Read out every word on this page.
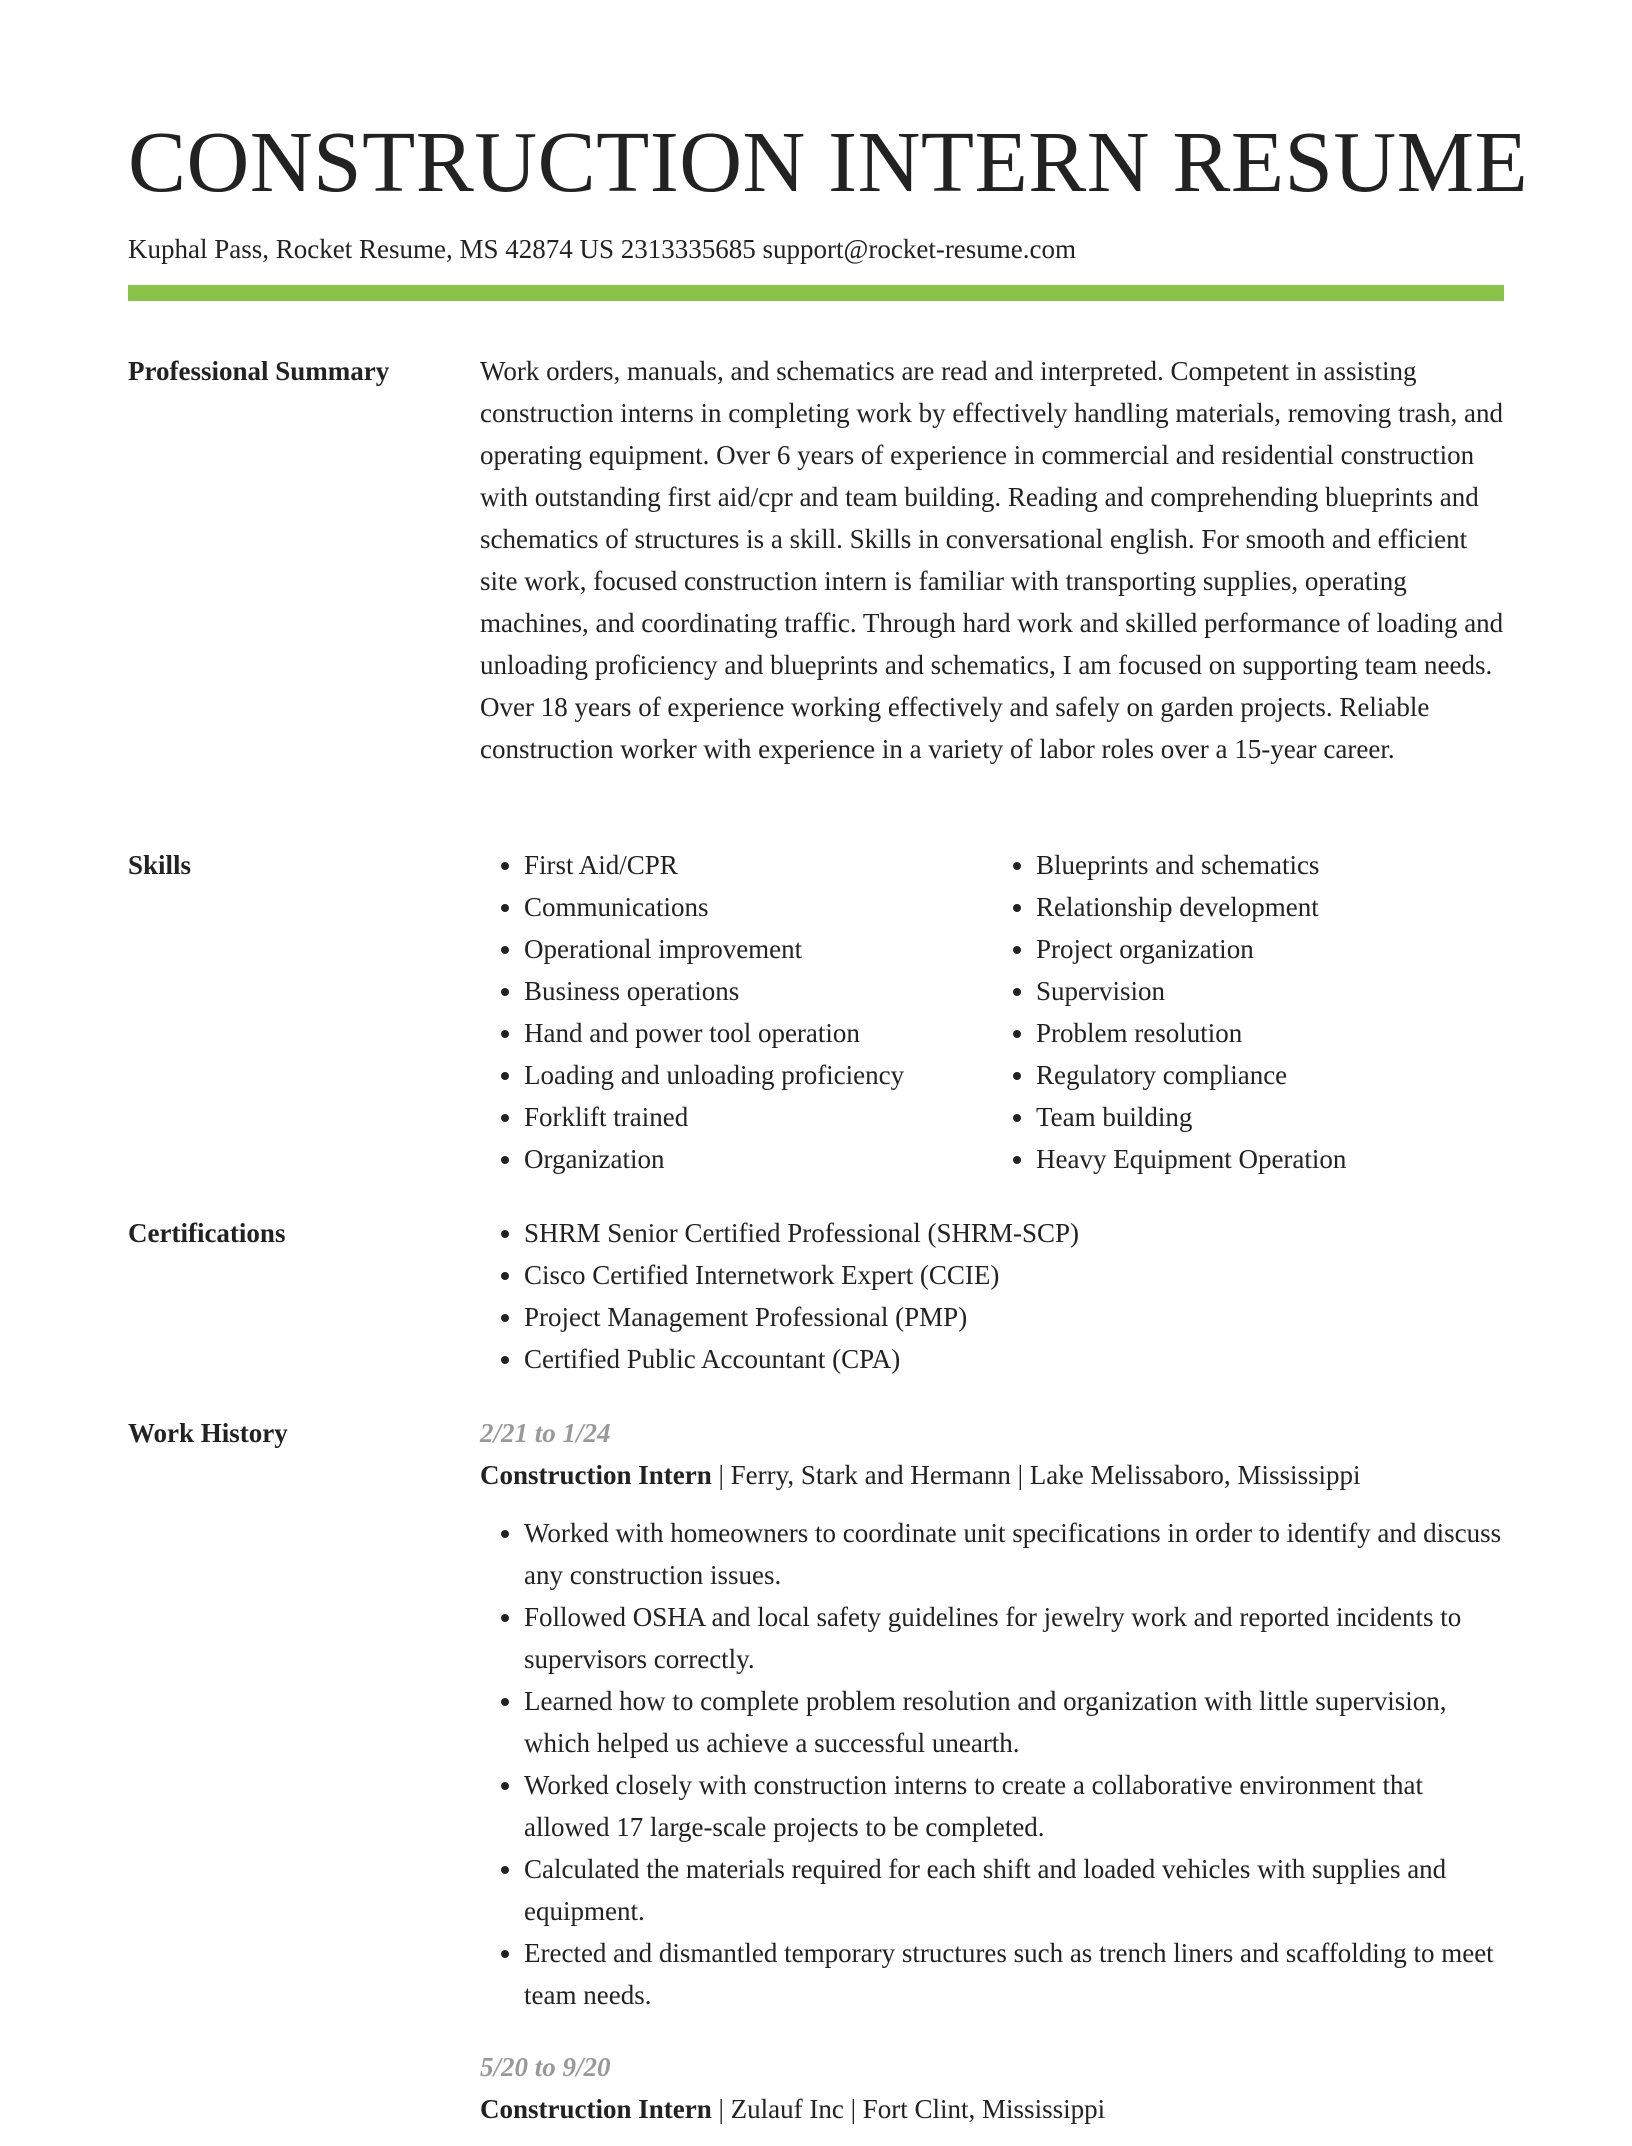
CONSTRUCTION INTERN RESUME
Kuphal Pass, Rocket Resume, MS 42874 US 2313335685 support@rocket-resume.com
Professional Summary	Work orders, manuals, and schematics are read and interpreted. Competent in assisting construction interns in completing work by effectively handling materials, removing trash, and operating equipment. Over 6 years of experience in commercial and residential construction with outstanding first aid/cpr and team building. Reading and comprehending blueprints and schematics of structures is a skill. Skills in conversational english. For smooth and efficient site work, focused construction intern is familiar with transporting supplies, operating machines, and coordinating traffic. Through hard work and skilled performance of loading and unloading proficiency and blueprints and schematics, I am focused on supporting team needs. Over 18 years of experience working effectively and safely on garden projects. Reliable construction worker with experience in a variety of labor roles over a 15-year career.

Skills	• First Aid/CPR
• Communications
• Operational improvement
• Business operations
• Hand and power tool operation
• Loading and unloading proficiency
• Forklift trained
• Organization
• Blueprints and schematics
• Relationship development
• Project organization
• Supervision
• Problem resolution
• Regulatory compliance
• Team building
• Heavy Equipment Operation
Certifications	• SHRM Senior Certified Professional (SHRM-SCP)
• Cisco Certified Internetwork Expert (CCIE)
• Project Management Professional (PMP)
• Certified Public Accountant (CPA)
Work History	2/21 to 1/24
Construction Intern | Ferry, Stark and Hermann | Lake Melissaboro, Mississippi
• Worked with homeowners to coordinate unit specifications in order to identify and discuss any construction issues.
• Followed OSHA and local safety guidelines for jewelry work and reported incidents to supervisors correctly.
• Learned how to complete problem resolution and organization with little supervision, which helped us achieve a successful unearth.
• Worked closely with construction interns to create a collaborative environment that allowed 17 large-scale projects to be completed.
• Calculated the materials required for each shift and loaded vehicles with supplies and equipment.
• Erected and dismantled temporary structures such as trench liners and scaffolding to meet team needs.
5/20 to 9/20
Construction Intern | Zulauf Inc | Fort Clint, Mississippi
